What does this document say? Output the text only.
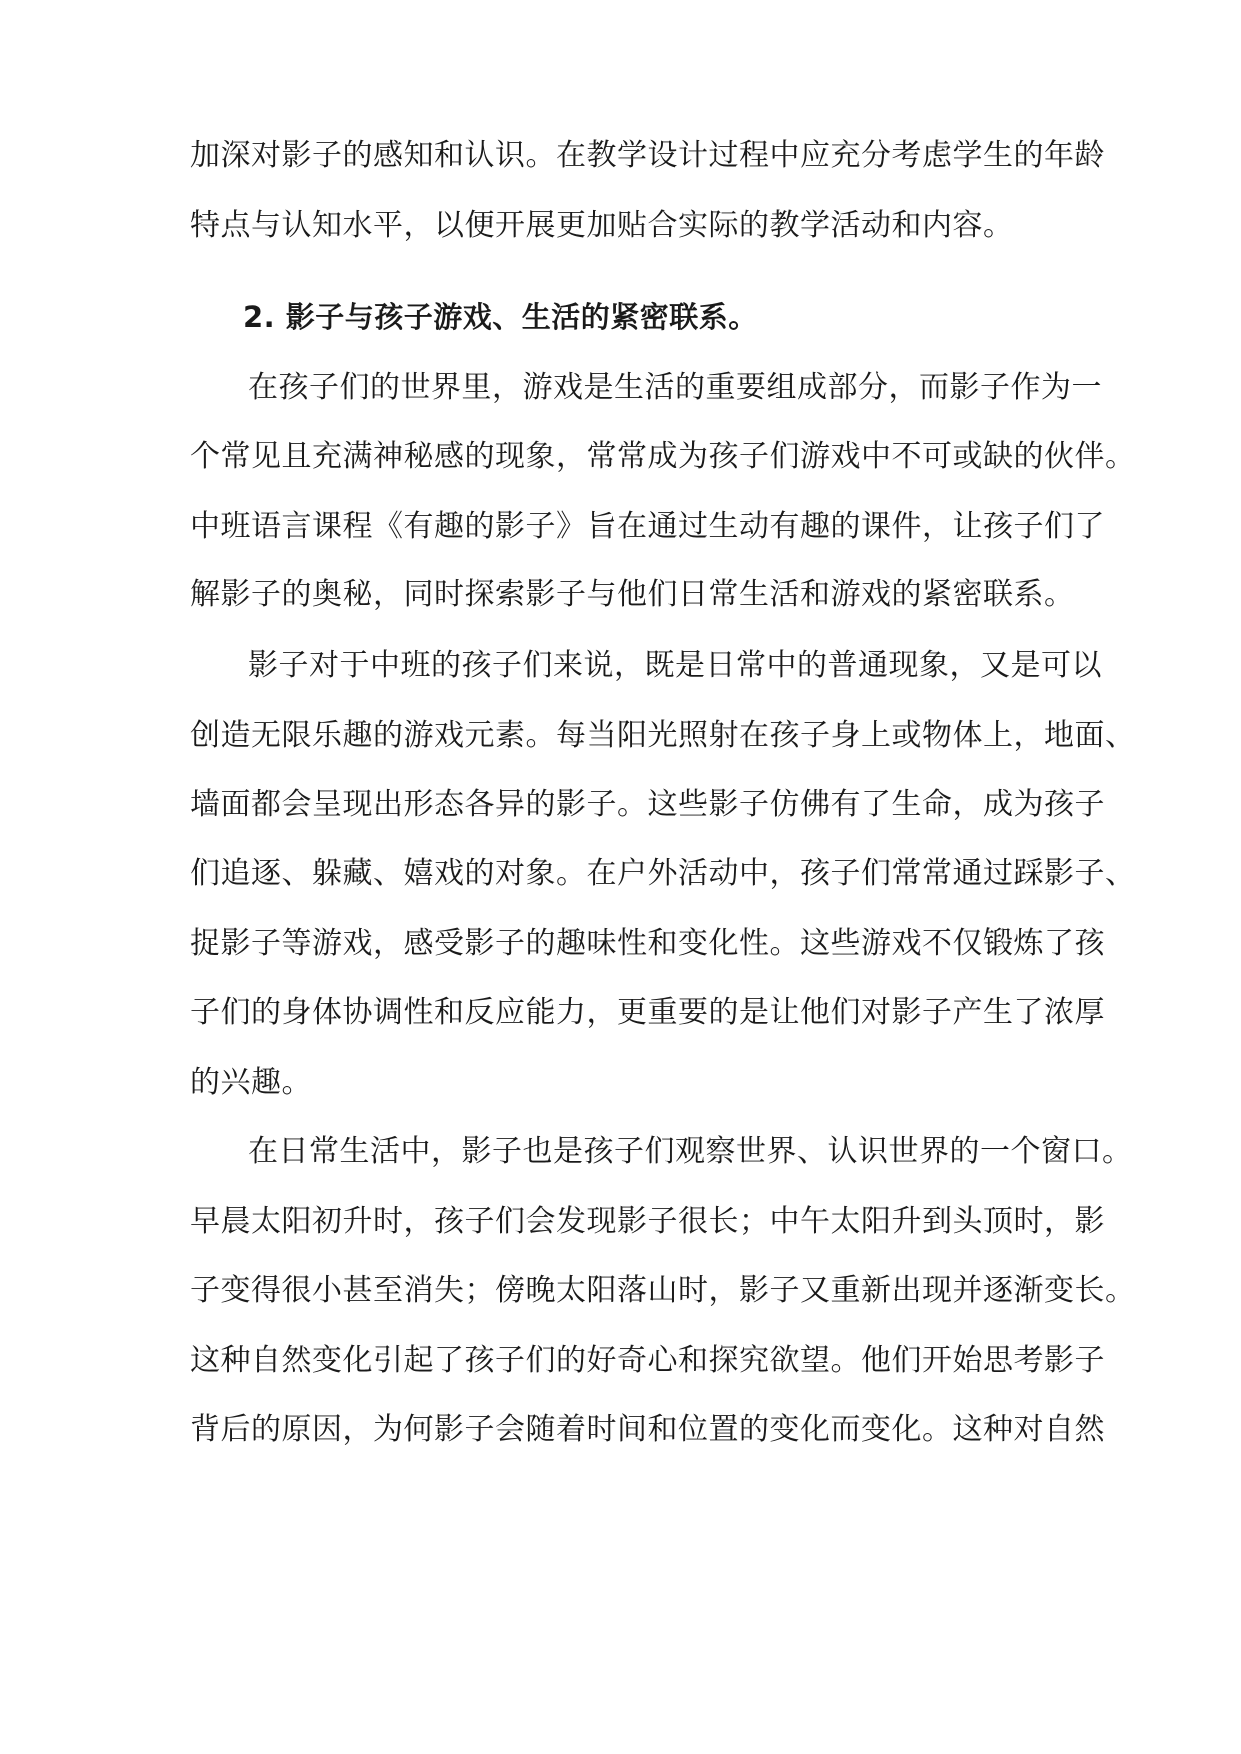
加深对影子的感知和认识。在教学设计过程中应充分考虑学生的年龄
特点与认知水平，以便开展更加贴合实际的教学活动和内容。
2. 影子与孩子游戏、生活的紧密联系。
在孩子们的世界里，游戏是生活的重要组成部分，而影子作为一
个常见且充满神秘感的现象，常常成为孩子们游戏中不可或缺的伙伴。
中班语言课程《有趣的影子》旨在通过生动有趣的课件，让孩子们了
解影子的奥秘，同时探索影子与他们日常生活和游戏的紧密联系。
影子对于中班的孩子们来说，既是日常中的普通现象，又是可以
创造无限乐趣的游戏元素。每当阳光照射在孩子身上或物体上，地面、
墙面都会呈现出形态各异的影子。这些影子仿佛有了生命，成为孩子
们追逐、躲藏、嬉戏的对象。在户外活动中，孩子们常常通过踩影子、
捉影子等游戏，感受影子的趣味性和变化性。这些游戏不仅锻炼了孩
子们的身体协调性和反应能力，更重要的是让他们对影子产生了浓厚
的兴趣。
在日常生活中，影子也是孩子们观察世界、认识世界的一个窗口。
早晨太阳初升时，孩子们会发现影子很长；中午太阳升到头顶时，影
子变得很小甚至消失；傍晚太阳落山时，影子又重新出现并逐渐变长。
这种自然变化引起了孩子们的好奇心和探究欲望。他们开始思考影子
背后的原因，为何影子会随着时间和位置的变化而变化。这种对自然
